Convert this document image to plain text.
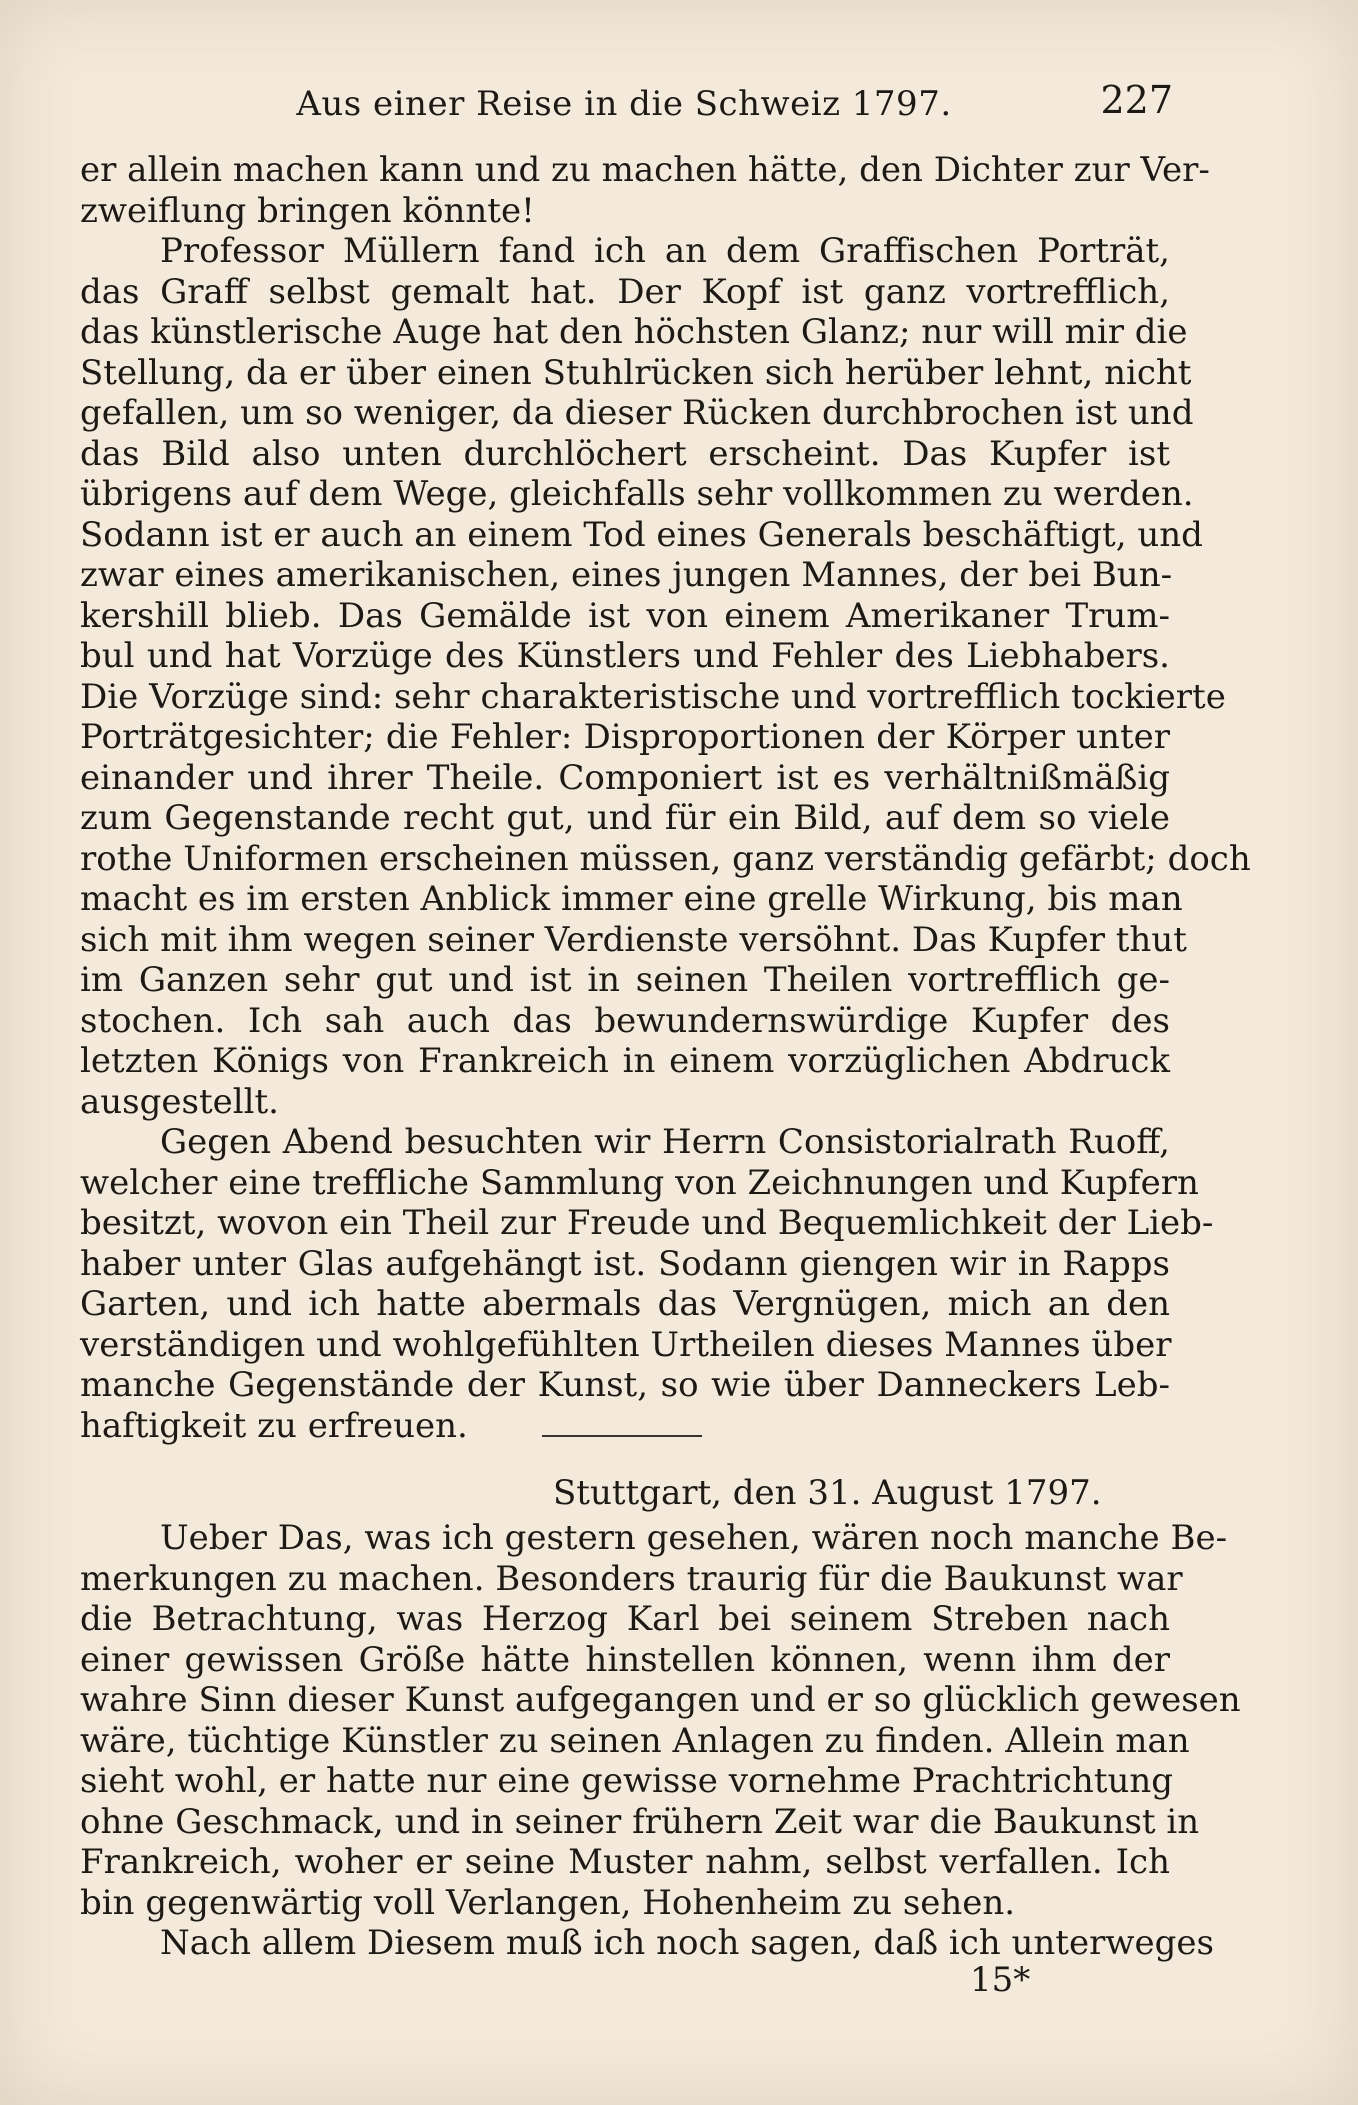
Aus einer Reise in die Schweiz 1797.	227
er allein machen kann und zu machen hätte, den Dichter zur Ver-
zweiflung bringen könnte!
Professor Müllern fand ich an dem Graffischen Porträt,
das Graff selbst gemalt hat. Der Kopf ist ganz vortrefflich,
das künstlerische Auge hat den höchsten Glanz; nur will mir die
Stellung, da er über einen Stuhlrücken sich herüber lehnt, nicht
gefallen, um so weniger, da dieser Rücken durchbrochen ist und
das Bild also unten durchlöchert erscheint. Das Kupfer ist
übrigens auf dem Wege, gleichfalls sehr vollkommen zu werden.
Sodann ist er auch an einem Tod eines Generals beschäftigt, und
zwar eines amerikanischen, eines jungen Mannes, der bei Bun-
kershill blieb. Das Gemälde ist von einem Amerikaner Trum-
bul und hat Vorzüge des Künstlers und Fehler des Liebhabers.
Die Vorzüge sind: sehr charakteristische und vortrefflich tockierte
Porträtgesichter; die Fehler: Disproportionen der Körper unter
einander und ihrer Theile. Componiert ist es verhältnißmäßig
zum Gegenstande recht gut, und für ein Bild, auf dem so viele
rothe Uniformen erscheinen müssen, ganz verständig gefärbt; doch
macht es im ersten Anblick immer eine grelle Wirkung, bis man
sich mit ihm wegen seiner Verdienste versöhnt. Das Kupfer thut
im Ganzen sehr gut und ist in seinen Theilen vortrefflich ge-
stochen. Ich sah auch das bewundernswürdige Kupfer des
letzten Königs von Frankreich in einem vorzüglichen Abdruck
ausgestellt.
Gegen Abend besuchten wir Herrn Consistorialrath Ruoff,
welcher eine treffliche Sammlung von Zeichnungen und Kupfern
besitzt, wovon ein Theil zur Freude und Bequemlichkeit der Lieb-
haber unter Glas aufgehängt ist. Sodann giengen wir in Rapps
Garten, und ich hatte abermals das Vergnügen, mich an den
verständigen und wohlgefühlten Urtheilen dieses Mannes über
manche Gegenstände der Kunst, so wie über Danneckers Leb-
haftigkeit zu erfreuen.
Stuttgart, den 31. August 1797.
Ueber Das, was ich gestern gesehen, wären noch manche Be-
merkungen zu machen. Besonders traurig für die Baukunst war
die Betrachtung, was Herzog Karl bei seinem Streben nach
einer gewissen Größe hätte hinstellen können, wenn ihm der
wahre Sinn dieser Kunst aufgegangen und er so glücklich gewesen
wäre, tüchtige Künstler zu seinen Anlagen zu finden. Allein man
sieht wohl, er hatte nur eine gewisse vornehme Prachtrichtung
ohne Geschmack, und in seiner frühern Zeit war die Baukunst in
Frankreich, woher er seine Muster nahm, selbst verfallen. Ich
bin gegenwärtig voll Verlangen, Hohenheim zu sehen.
Nach allem Diesem muß ich noch sagen, daß ich unterweges
15*
